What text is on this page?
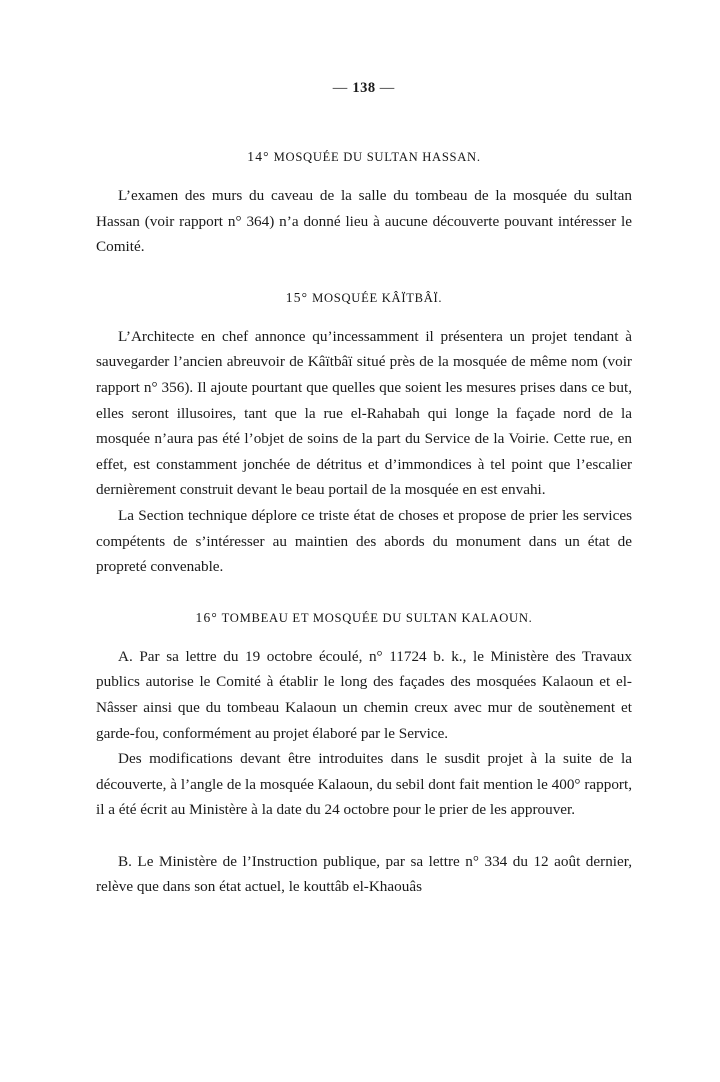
— 138 —
14° MOSQUÉE DU SULTAN HASSAN.

L’examen des murs du caveau de la salle du tombeau de la mosquée du sultan Hassan (voir rapport n° 364) n’a donné lieu à aucune découverte pouvant intéresser le Comité.

15° MOSQUÉE KÂÏTBÂÏ.

L’Architecte en chef annonce qu’incessamment il présentera un projet tendant à sauvegarder l’ancien abreuvoir de Kâïtbâï situé près de la mosquée de même nom (voir rapport n° 356). Il ajoute pourtant que quelles que soient les mesures prises dans ce but, elles seront illusoires, tant que la rue el-Rahabah qui longe la façade nord de la mosquée n’aura pas été l’objet de soins de la part du Service de la Voirie. Cette rue, en effet, est constamment jonchée de détritus et d’immondices à tel point que l’escalier dernièrement construit devant le beau portail de la mosquée en est envahi.

La Section technique déplore ce triste état de choses et propose de prier les services compétents de s’intéresser au maintien des abords du monument dans un état de propreté convenable.

16° TOMBEAU ET MOSQUÉE DU SULTAN KALAOUN.

A. Par sa lettre du 19 octobre écoulé, n° 11724 b. k., le Ministère des Travaux publics autorise le Comité à établir le long des façades des mosquées Kalaoun et el-Nâsser ainsi que du tombeau Kalaoun un chemin creux avec mur de soutènement et garde-fou, conformément au projet élaboré par le Service.

Des modifications devant être introduites dans le susdit projet à la suite de la découverte, à l’angle de la mosquée Kalaoun, du sebil dont fait mention le 400° rapport, il a été écrit au Ministère à la date du 24 octobre pour le prier de les approuver.

B. Le Ministère de l’Instruction publique, par sa lettre n° 334 du 12 août dernier, relève que dans son état actuel, le kouttâb el-Khaouâs
